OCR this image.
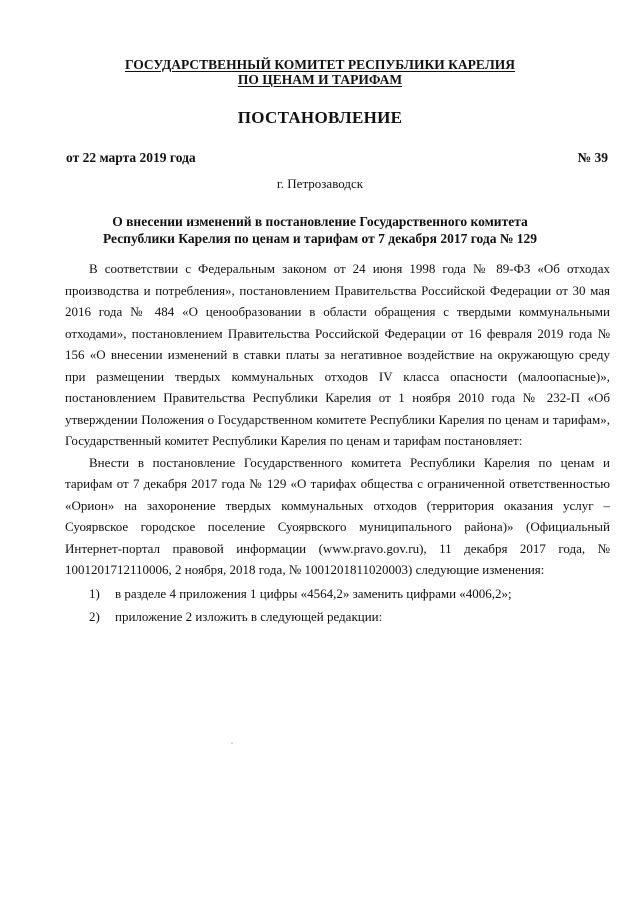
ГОСУДАРСТВЕННЫЙ КОМИТЕТ РЕСПУБЛИКИ КАРЕЛИЯ
ПО ЦЕНАМ И ТАРИФАМ
ПОСТАНОВЛЕНИЕ
от 22 марта 2019 года	№ 39
г. Петрозаводск
О внесении изменений в постановление Государственного комитета
Республики Карелия по ценам и тарифам от 7 декабря 2017 года № 129

В соответствии с Федеральным законом от 24 июня 1998 года № 89-ФЗ «Об отходах производства и потребления», постановлением Правительства Российской Федерации от 30 мая 2016 года № 484 «О ценообразовании в области обращения с твердыми коммунальными отходами», постановлением Правительства Российской Федерации от 16 февраля 2019 года № 156 «О внесении изменений в ставки платы за негативное воздействие на окружающую среду при размещении твердых коммунальных отходов IV класса опасности (малоопасные)», постановлением Правительства Республики Карелия от 1 ноября 2010 года № 232-П «Об утверждении Положения о Государственном комитете Республики Карелия по ценам и тарифам», Государственный комитет Республики Карелия по ценам и тарифам постановляет:

Внести в постановление Государственного комитета Республики Карелия по ценам и тарифам от 7 декабря 2017 года № 129 «О тарифах общества с ограниченной ответственностью «Орион» на захоронение твердых коммунальных отходов (территория оказания услуг – Суоярвское городское поселение Суоярвского муниципального района)» (Официальный Интернет-портал правовой информации (www.pravo.gov.ru), 11 декабря 2017 года, № 1001201712110006, 2 ноября, 2018 года, № 1001201811020003) следующие изменения:

1) в разделе 4 приложения 1 цифры «4564,2» заменить цифрами «4006,2»;
2) приложение 2 изложить в следующей редакции:
